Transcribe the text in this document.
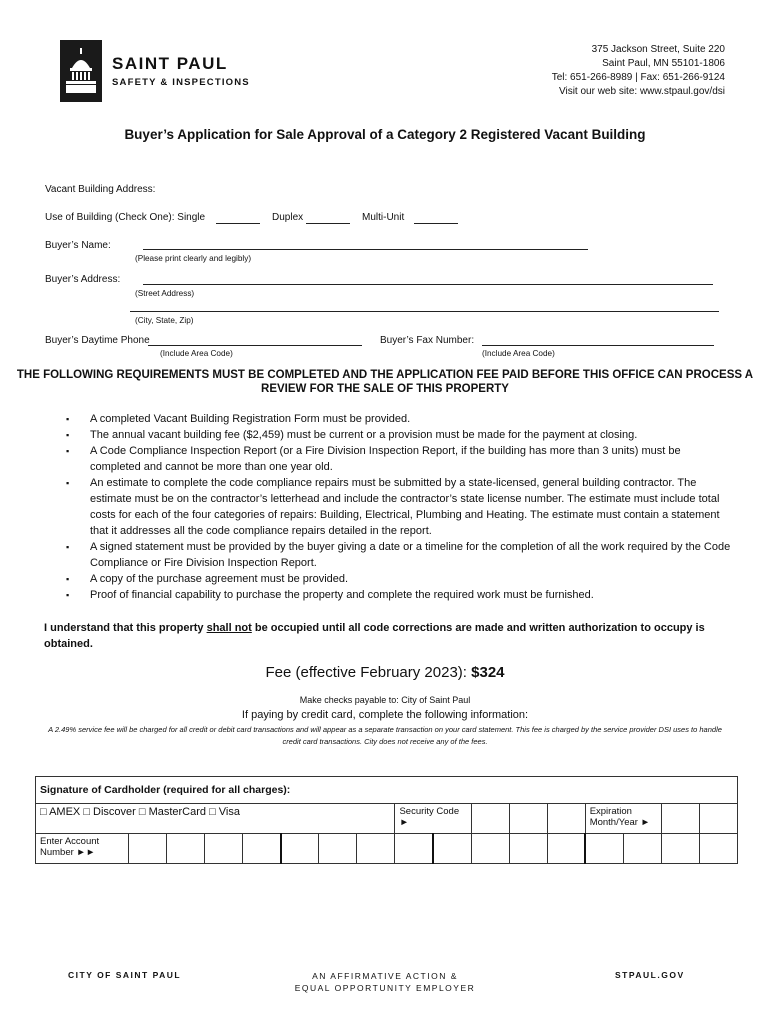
SAINT PAUL
SAFETY & INSPECTIONS
375 Jackson Street, Suite 220
Saint Paul, MN 55101-1806
Tel: 651-266-8989 | Fax: 651-266-9124
Visit our web site: www.stpaul.gov/dsi
Buyer’s Application for Sale Approval of a Category 2 Registered Vacant Building
Vacant Building Address:
Use of Building (Check One): Single	Duplex	Multi-Unit
Buyer’s Name:
(Please print clearly and legibly)
Buyer’s Address:
(Street Address)
(City, State, Zip)
Buyer’s Daytime Phone
(Include Area Code)
Buyer’s Fax Number:
(Include Area Code)
THE FOLLOWING REQUIREMENTS MUST BE COMPLETED AND THE APPLICATION FEE PAID BEFORE THIS OFFICE CAN PROCESS A REVIEW FOR THE SALE OF THIS PROPERTY
▪ A completed Vacant Building Registration Form must be provided.
▪ The annual vacant building fee ($2,459) must be current or a provision must be made for the payment at closing.
▪ A Code Compliance Inspection Report (or a Fire Division Inspection Report, if the building has more than 3 units) must be completed and cannot be more than one year old.
▪ An estimate to complete the code compliance repairs must be submitted by a state-licensed, general building contractor. The estimate must be on the contractor’s letterhead and include the contractor’s state license number. The estimate must include total costs for each of the four categories of repairs: Building, Electrical, Plumbing and Heating. The estimate must contain a statement that it addresses all the code compliance repairs detailed in the report.
▪ A signed statement must be provided by the buyer giving a date or a timeline for the completion of all the work required by the Code Compliance or Fire Division Inspection Report.
▪ A copy of the purchase agreement must be provided.
▪ Proof of financial capability to purchase the property and complete the required work must be furnished.
I understand that this property shall not be occupied until all code corrections are made and written authorization to occupy is obtained.
Fee (effective February 2023): $324
Make checks payable to: City of Saint Paul
If paying by credit card, complete the following information:
A 2.49% service fee will be charged for all credit or debit card transactions and will appear as a separate transaction on your card statement. This fee is charged by the service provider DSI uses to handle credit card transactions. City does not receive any of the fees.
Signature of Cardholder (required for all charges):																
□ AMEX □ Discover □ MasterCard □ Visa								Security Code ►					Expiration Month/Year ►			
Enter Account Number ►►																
CITY OF SAINT PAUL	AN AFFIRMATIVE ACTION &
EQUAL OPPORTUNITY EMPLOYER
STPAUL.GOV
